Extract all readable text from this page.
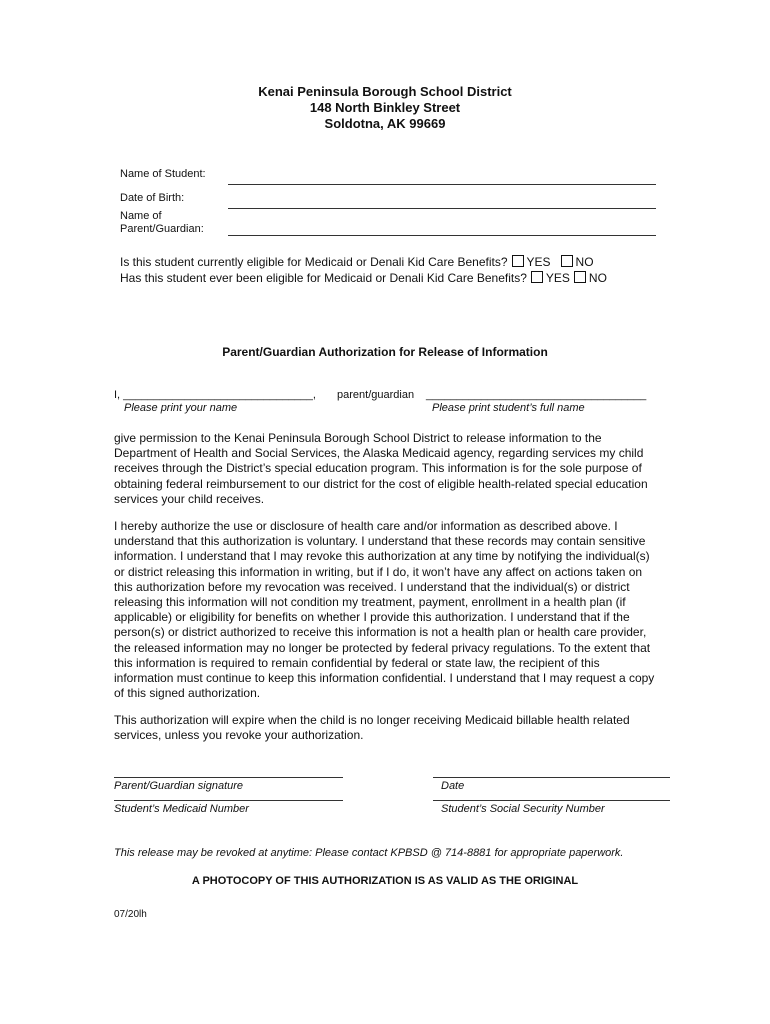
Kenai Peninsula Borough School District
148 North Binkley Street
Soldotna, AK 99669
Name of Student:
Date of Birth:
Name of
Parent/Guardian:
Is this student currently eligible for Medicaid or Denali Kid Care Benefits? YES NO
Has this student ever been eligible for Medicaid or Denali Kid Care Benefits? YES NO
Parent/Guardian Authorization for Release of Information
I, _______________________________, parent/guardian ____________________________________
Please print your name	Please print student’s full name
give permission to the Kenai Peninsula Borough School District to release information to the Department of Health and Social Services, the Alaska Medicaid agency, regarding services my child receives through the District’s special education program. This information is for the sole purpose of obtaining federal reimbursement to our district for the cost of eligible health-related special education services your child receives.
I hereby authorize the use or disclosure of health care and/or information as described above. I understand that this authorization is voluntary. I understand that these records may contain sensitive information. I understand that I may revoke this authorization at any time by notifying the individual(s) or district releasing this information in writing, but if I do, it won’t have any affect on actions taken on this authorization before my revocation was received. I understand that the individual(s) or district releasing this information will not condition my treatment, payment, enrollment in a health plan (if applicable) or eligibility for benefits on whether I provide this authorization. I understand that if the person(s) or district authorized to receive this information is not a health plan or health care provider, the released information may no longer be protected by federal privacy regulations. To the extent that this information is required to remain confidential by federal or state law, the recipient of this information must continue to keep this information confidential. I understand that I may request a copy of this signed authorization.
This authorization will expire when the child is no longer receiving Medicaid billable health related services, unless you revoke your authorization.
Parent/Guardian signature	Date
Student’s Medicaid Number	Student’s Social Security Number
This release may be revoked at anytime: Please contact KPBSD @ 714-8881 for appropriate paperwork.
A PHOTOCOPY OF THIS AUTHORIZATION IS AS VALID AS THE ORIGINAL
07/20lh
